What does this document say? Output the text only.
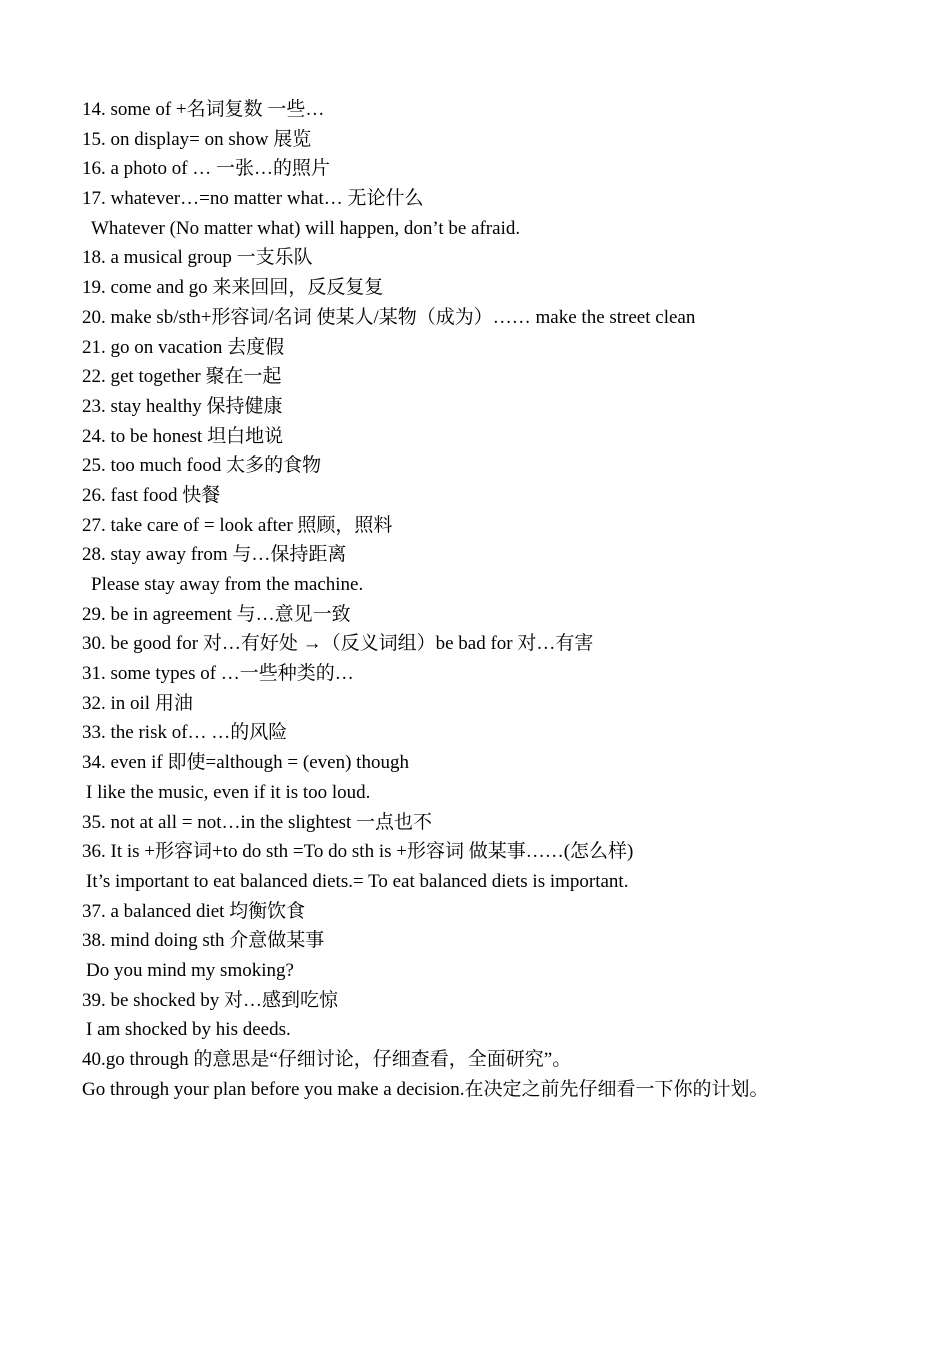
14. some of +名词复数 一些…
15. on display= on show 展览
16. a photo of … 一张…的照片
17. whatever…=no matter what… 无论什么
Whatever (No matter what) will happen, don’t be afraid.
18. a musical group 一支乐队
19. come and go 来来回回，反反复复
20. make sb/sth+形容词/名词 使某人/某物（成为）…… make the street clean
21. go on vacation 去度假
22. get together 聚在一起
23. stay healthy 保持健康
24. to be honest 坦白地说
25. too much food 太多的食物
26. fast food 快餐
27. take care of = look after 照顾，照料
28. stay away from 与…保持距离
Please stay away from the machine.
29. be in agreement 与…意见一致
30. be good for 对…有好处 →（反义词组）be bad for 对…有害
31. some types of …一些种类的…
32. in oil 用油
33. the risk of… …的风险
34. even if 即使=although = (even) though
I like the music, even if it is too loud.
35. not at all = not…in the slightest 一点也不
36. It is +形容词+to do sth =To do sth is +形容词 做某事……(怎么样)
It’s important to eat balanced diets.= To eat balanced diets is important.
37. a balanced diet 均衡饮食
38. mind doing sth 介意做某事
Do you mind my smoking?
39. be shocked by 对…感到吃惊
I am shocked by his deeds.
40.go through 的意思是“仔细讨论，仔细查看，全面研究”。
Go through your plan before you make a decision.在决定之前先仔细看一下你的计划。
